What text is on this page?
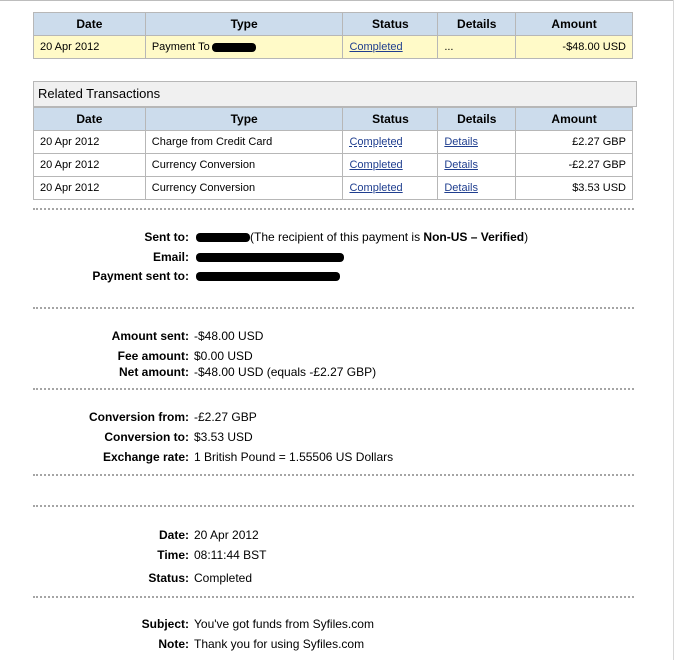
Date	Type	Status	Details	Amount
20 Apr 2012	Payment To	Completed	...	-$48.00 USD
Related Transactions
Date	Type	Status	Details	Amount
20 Apr 2012	Charge from Credit Card	Completed	Details	£2.27 GBP
20 Apr 2012	Currency Conversion	Completed	Details	-£2.27 GBP
20 Apr 2012	Currency Conversion	Completed	Details	$3.53 USD
Sent to:	(The recipient of this payment is Non-US – Verified)
Email:
Payment sent to:
Amount sent: -$48.00 USD
Fee amount: $0.00 USD
Net amount: -$48.00 USD (equals -£2.27 GBP)
Conversion from: -£2.27 GBP
Conversion to: $3.53 USD
Exchange rate: 1 British Pound = 1.55506 US Dollars
Date: 20 Apr 2012
Time: 08:11:44 BST
Status: Completed
Subject: You've got funds from Syfiles.com
Note: Thank you for using Syfiles.com
